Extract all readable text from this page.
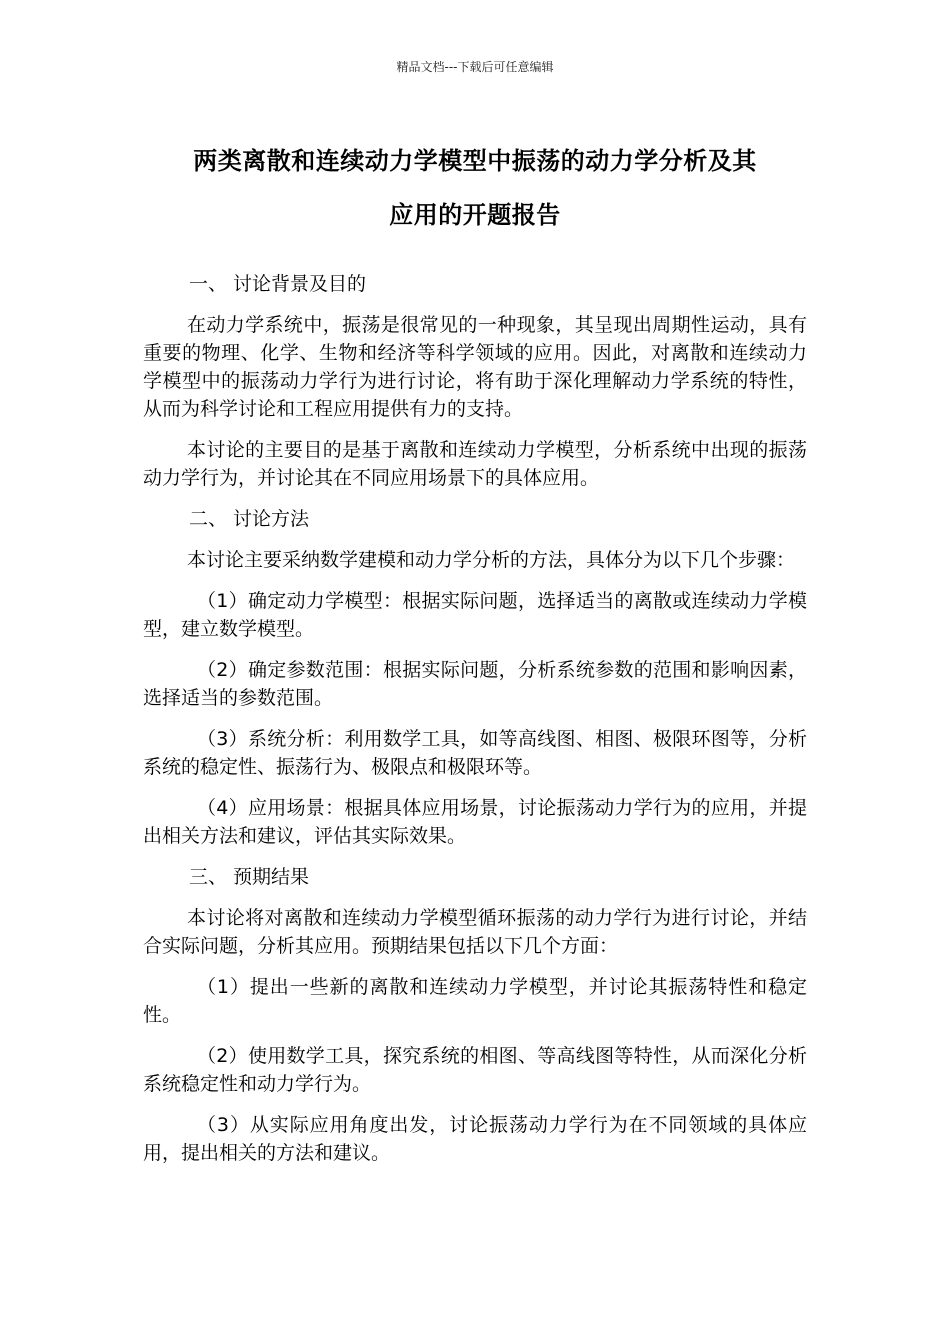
精品文档---下载后可任意编辑
两类离散和连续动力学模型中振荡的动力学分析及其
应用的开题报告
一、 讨论背景及目的

在动力学系统中，振荡是很常见的一种现象，其呈现出周期性运动，具有重要的物理、化学、生物和经济等科学领域的应用。因此，对离散和连续动力学模型中的振荡动力学行为进行讨论，将有助于深化理解动力学系统的特性，从而为科学讨论和工程应用提供有力的支持。

本讨论的主要目的是基于离散和连续动力学模型，分析系统中出现的振荡动力学行为，并讨论其在不同应用场景下的具体应用。

二、 讨论方法

本讨论主要采纳数学建模和动力学分析的方法，具体分为以下几个步骤：

（1）确定动力学模型：根据实际问题，选择适当的离散或连续动力学模型，建立数学模型。

（2）确定参数范围：根据实际问题，分析系统参数的范围和影响因素，选择适当的参数范围。

（3）系统分析：利用数学工具，如等高线图、相图、极限环图等，分析系统的稳定性、振荡行为、极限点和极限环等。

（4）应用场景：根据具体应用场景，讨论振荡动力学行为的应用，并提出相关方法和建议，评估其实际效果。

三、 预期结果

本讨论将对离散和连续动力学模型循环振荡的动力学行为进行讨论，并结合实际问题，分析其应用。预期结果包括以下几个方面：

（1）提出一些新的离散和连续动力学模型，并讨论其振荡特性和稳定性。

（2）使用数学工具，探究系统的相图、等高线图等特性，从而深化分析系统稳定性和动力学行为。

（3）从实际应用角度出发，讨论振荡动力学行为在不同领域的具体应用，提出相关的方法和建议。
